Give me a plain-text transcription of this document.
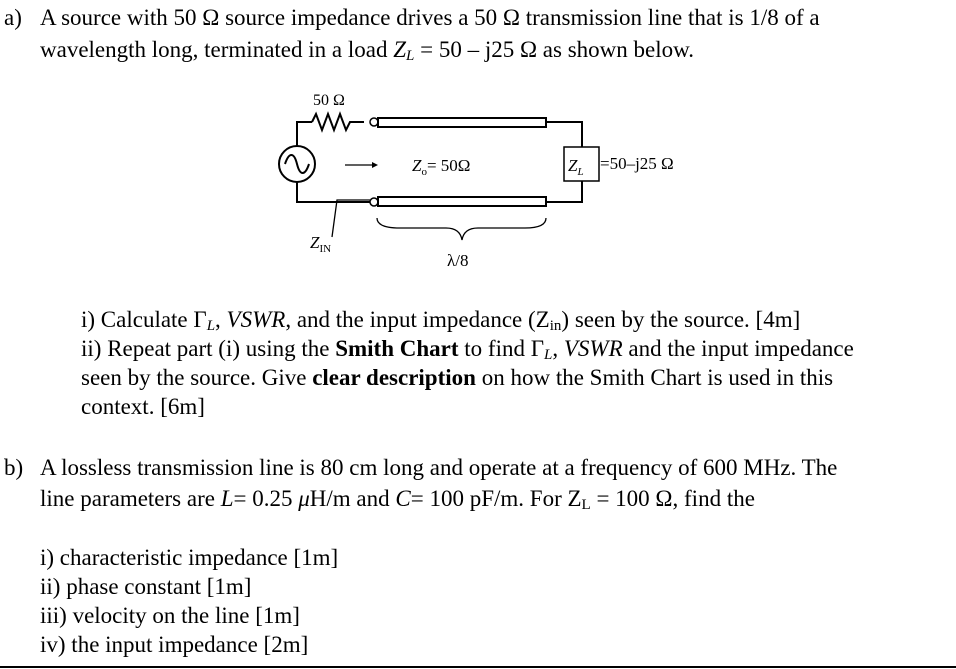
a) A source with 50 Ω source impedance drives a 50 Ω transmission line that is 1/8 of a
wavelength long, terminated in a load $Z_L = 50 - j25$ Ω as shown below.
50 Ω
$Z_o= 50\Omega$
$Z_{IN}$
$Z_L =50-j25$ Ω
λ/8
i) Calculate $\Gamma_L$, VSWR, and the input impedance $(Z_{in})$ seen by the source. [4m]
ii) Repeat part (i) using the Smith Chart to find $\Gamma_L$, VSWR and the input impedance
seen by the source. Give clear description on how the Smith Chart is used in this
context. [6m]
b) A lossless transmission line is 80 cm long and operate at a frequency of 600 MHz. The
line parameters are L= 0.25 μH/m and C= 100 pF/m. For $Z_L = 100$ Ω, find the
i) characteristic impedance [1m]
ii) phase constant [1m]
iii) velocity on the line [1m]
iv) the input impedance [2m]
